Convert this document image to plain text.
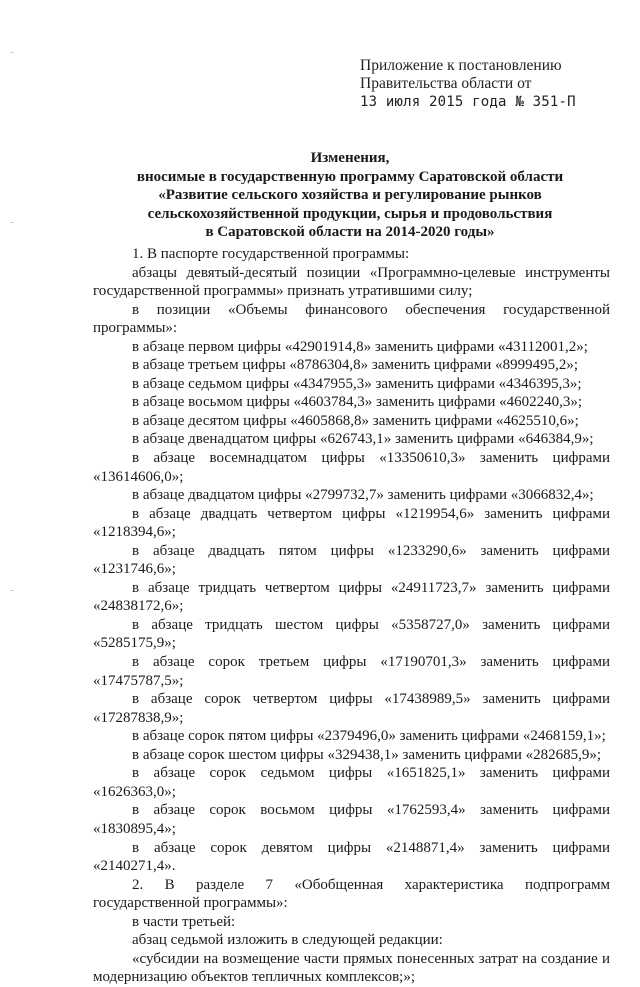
Приложение к постановлению
Правительства области от
13 июля 2015 года № 351-П
Изменения,
вносимые в государственную программу Саратовской области
«Развитие сельского хозяйства и регулирование рынков
сельскохозяйственной продукции, сырья и продовольствия
в Саратовской области на 2014-2020 годы»

1. В паспорте государственной программы:

абзацы девятый-десятый позиции «Программно-целевые инструменты государственной программы» признать утратившими силу;

в позиции «Объемы финансового обеспечения государственной программы»:

в абзаце первом цифры «42901914,8» заменить цифрами «43112001,2»;

в абзаце третьем цифры «8786304,8» заменить цифрами «8999495,2»;

в абзаце седьмом цифры «4347955,3» заменить цифрами «4346395,3»;

в абзаце восьмом цифры «4603784,3» заменить цифрами «4602240,3»;

в абзаце десятом цифры «4605868,8» заменить цифрами «4625510,6»;

в абзаце двенадцатом цифры «626743,1» заменить цифрами «646384,9»;

в абзаце восемнадцатом цифры «13350610,3» заменить цифрами «13614606,0»;

в абзаце двадцатом цифры «2799732,7» заменить цифрами «3066832,4»;

в абзаце двадцать четвертом цифры «1219954,6» заменить цифрами «1218394,6»;

в абзаце двадцать пятом цифры «1233290,6» заменить цифрами «1231746,6»;

в абзаце тридцать четвертом цифры «24911723,7» заменить цифрами «24838172,6»;

в абзаце тридцать шестом цифры «5358727,0» заменить цифрами «5285175,9»;

в абзаце сорок третьем цифры «17190701,3» заменить цифрами «17475787,5»;

в абзаце сорок четвертом цифры «17438989,5» заменить цифрами «17287838,9»;

в абзаце сорок пятом цифры «2379496,0» заменить цифрами «2468159,1»;

в абзаце сорок шестом цифры «329438,1» заменить цифрами «282685,9»;

в абзаце сорок седьмом цифры «1651825,1» заменить цифрами «1626363,0»;

в абзаце сорок восьмом цифры «1762593,4» заменить цифрами «1830895,4»;

в абзаце сорок девятом цифры «2148871,4» заменить цифрами «2140271,4».

2. В разделе 7 «Обобщенная характеристика подпрограмм государственной программы»:

в части третьей:

абзац седьмой изложить в следующей редакции:

«субсидии на возмещение части прямых понесенных затрат на создание и модернизацию объектов тепличных комплексов;»;
